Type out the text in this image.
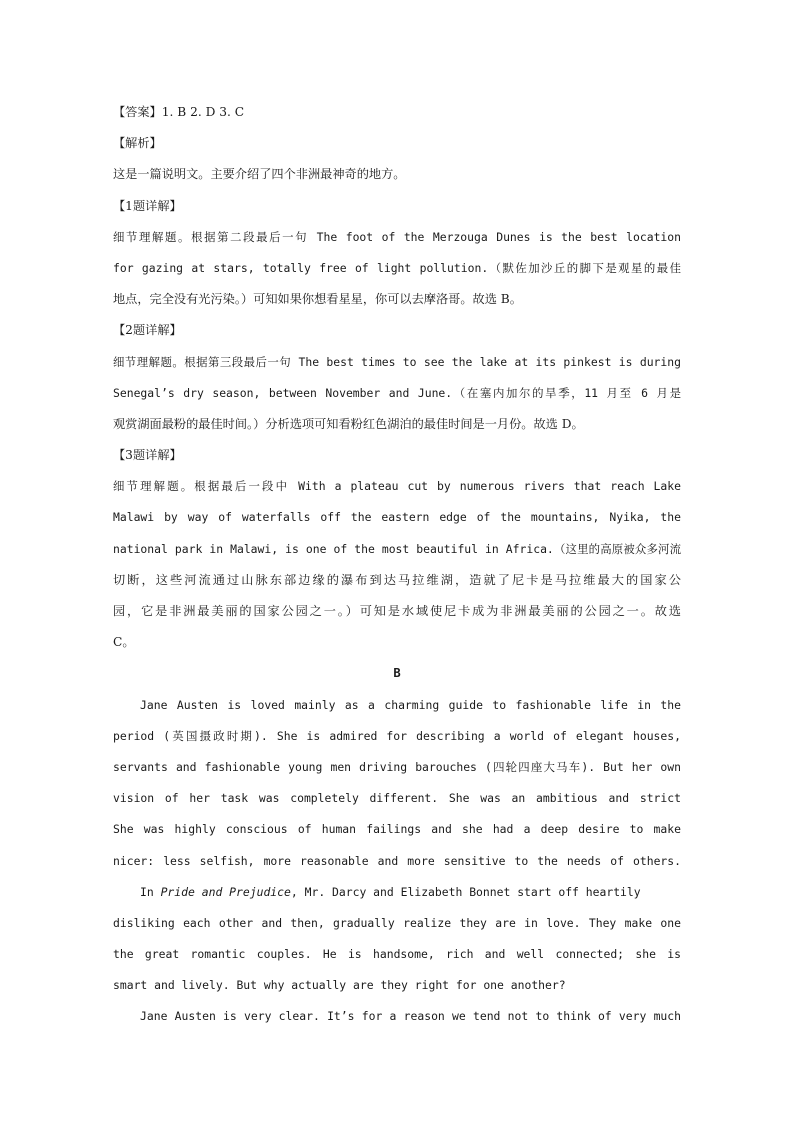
【答案】1. B 2. D 3. C
【解析】
这是一篇说明文。主要介绍了四个非洲最神奇的地方。
【1题详解】
细节理解题。根据第二段最后一句 The foot of the Merzouga Dunes is the best location
for gazing at stars, totally free of light pollution.（默佐加沙丘的脚下是观星的最佳
地点，完全没有光污染。）可知如果你想看星星，你可以去摩洛哥。故选 B。
【2题详解】
细节理解题。根据第三段最后一句 The best times to see the lake at its pinkest is during
Senegal’s dry season, between November and June.（在塞内加尔的旱季，11 月至 6 月是
观赏湖面最粉的最佳时间。）分析选项可知看粉红色湖泊的最佳时间是一月份。故选 D。
【3题详解】
细节理解题。根据最后一段中 With a plateau cut by numerous rivers that reach Lake
Malawi by way of waterfalls off the eastern edge of the mountains, Nyika, the
national park in Malawi, is one of the most beautiful in Africa.（这里的高原被众多河流
切断，这些河流通过山脉东部边缘的瀑布到达马拉维湖，造就了尼卡是马拉维最大的国家公
园，它是非洲最美丽的国家公园之一。）可知是水域使尼卡成为非洲最美丽的公园之一。故选
C。
B
Jane Austen is loved mainly as a charming guide to fashionable life in the
period (英国摄政时期). She is admired for describing a world of elegant houses,
servants and fashionable young men driving barouches (四轮四座大马车). But her own
vision of her task was completely different. She was an ambitious and strict
She was highly conscious of human failings and she had a deep desire to make
nicer: less selfish, more reasonable and more sensitive to the needs of others.
In Pride and Prejudice, Mr. Darcy and Elizabeth Bonnet start off heartily
disliking each other and then, gradually realize they are in love. They make one
the great romantic couples. He is handsome, rich and well connected; she is
smart and lively. But why actually are they right for one another?
Jane Austen is very clear. It’s for a reason we tend not to think of very much
